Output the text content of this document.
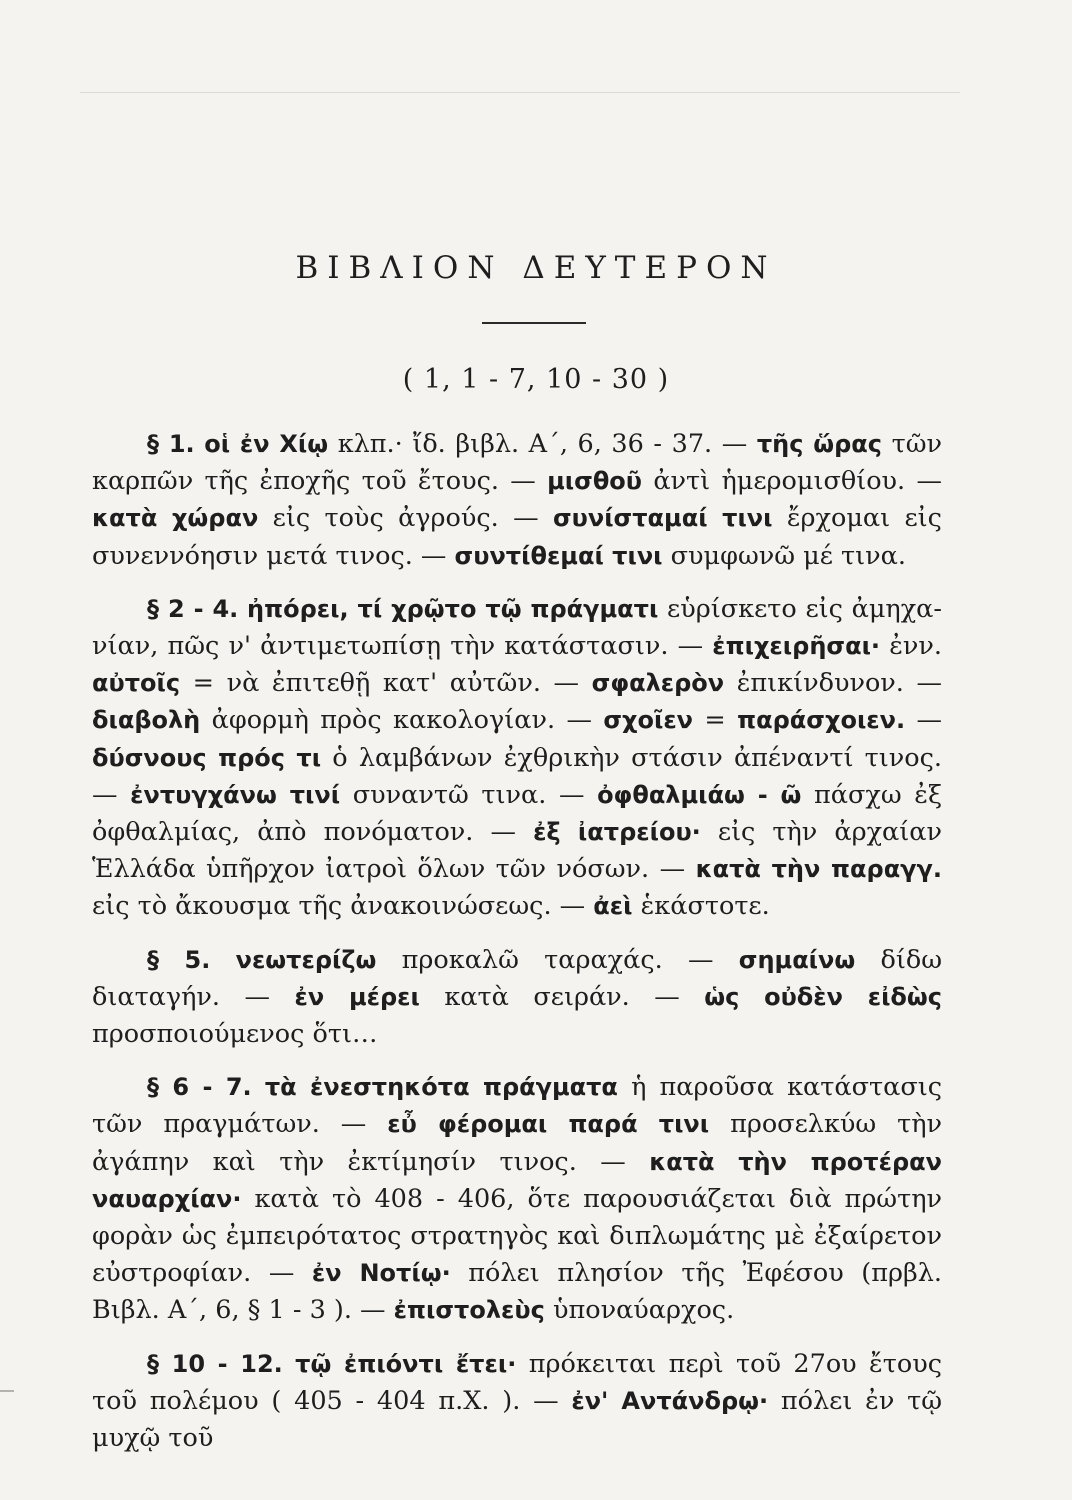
ΒΙΒΛΙΟΝ ΔΕΥΤΕΡΟΝ
( 1, 1 - 7, 10 - 30 )

§ 1. οἱ ἐν Χίῳ κλπ.· ἴδ. βιβλ. Α΄, 6, 36 - 37. — τῆς ὥρας τῶν καρπῶν τῆς ἐποχῆς τοῦ ἔτους. — μισθοῦ ἀντὶ ἡμερομισθίου. — κατὰ χώραν εἰς τοὺς ἀγρούς. — συνίσταμαί τινι ἔρχομαι εἰς συνεννόησιν μετά τινος. — συντίθεμαί τινι συμφωνῶ μέ τινα.

§ 2 - 4. ἠπόρει, τί χρῷτο τῷ πράγματι εὑρίσκετο εἰς ἀμηχανίαν, πῶς ν' ἀντιμετωπίσῃ τὴν κατάστασιν. — ἐπιχειρῆσαι· ἐνν. αὐτοῖς = νὰ ἐπιτεθῇ κατ' αὐτῶν. — σφαλερὸν ἐπικίνδυνον. — διαβολὴ ἀφορμὴ πρὸς κακολογίαν. — σχοῖεν = παράσχοιεν. — δύσνους πρός τι ὁ λαμβάνων ἐχθρικὴν στάσιν ἀπέναντί τινος. — ἐντυγχάνω τινί συναντῶ τινα. — ὀφθαλμιάω - ῶ πάσχω ἐξ ὀφθαλμίας, ἀπὸ πονόματον. — ἐξ ἰατρείου· εἰς τὴν ἀρχαίαν Ἑλλάδα ὑπῆρχον ἰατροὶ ὅλων τῶν νόσων. — κατὰ τὴν παραγγ. εἰς τὸ ἄκουσμα τῆς ἀνακοινώσεως. — ἀεὶ ἑκάστοτε.

§ 5. νεωτερίζω προκαλῶ ταραχάς. — σημαίνω δίδω διαταγήν. — ἐν μέρει κατὰ σειράν. — ὡς οὐδὲν εἰδὼς προσποιούμενος ὅτι…

§ 6 - 7. τὰ ἐνεστηκότα πράγματα ἡ παροῦσα κατάστασις τῶν πραγμάτων. — εὖ φέρομαι παρά τινι προσελκύω τὴν ἀγάπην καὶ τὴν ἐκτίμησίν τινος. — κατὰ τὴν προτέραν ναυαρχίαν· κατὰ τὸ 408 - 406, ὅτε παρουσιάζεται διὰ πρώτην φορὰν ὡς ἐμπειρότατος στρατηγὸς καὶ διπλωμάτης μὲ ἐξαίρετον εὐστροφίαν. — ἐν Νοτίῳ· πόλει πλησίον τῆς Ἐφέσου (πρβλ. Βιβλ. Α΄, 6, § 1 - 3 ). — ἐπιστολεὺς ὑποναύαρχος.

§ 10 - 12. τῷ ἐπιόντι ἔτει· πρόκειται περὶ τοῦ 27ου ἔτους τοῦ πολέμου ( 405 - 404 π.Χ. ). — ἐν' Αντάνδρῳ· πόλει ἐν τῷ μυχῷ τοῦ
